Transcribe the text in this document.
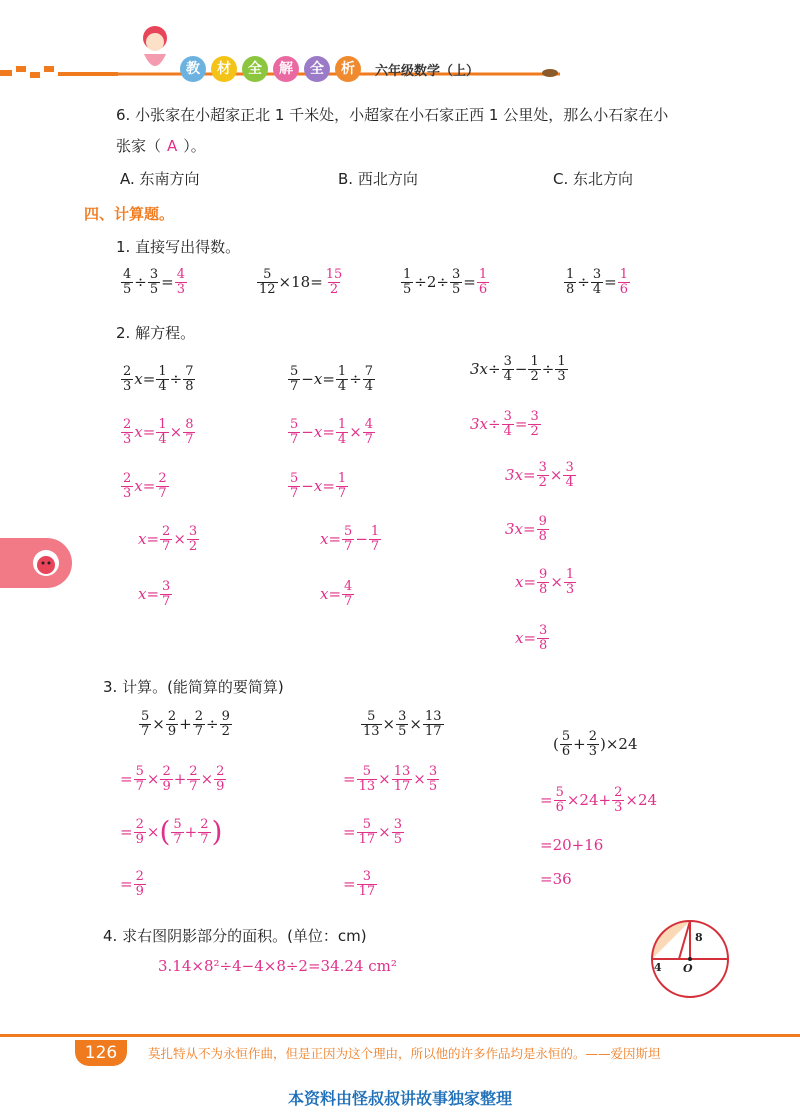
教	材	全	解	全	析	六年级数学（上）
6. 小张家在小超家正北 1 千米处，小超家在小石家正西 1 公里处，那么小石家在小
张家（ A ）。
A. 东南方向	B. 西北方向	C. 东北方向
四、计算题。
1. 直接写出得数。
$\frac{4}{5} \div \frac{3}{5} = \frac{4}{3}$	$\frac{5}{12} \times 18= \frac{15}{2}$	$\frac{1}{5} \div 2\div \frac{3}{5} = \frac{1}{6}$	$\frac{1}{8} \div \frac{3}{4} = \frac{1}{6}$
2. 解方程。
$\frac{2}{3}$ $x = \frac{1}{4} \div \frac{7}{8}$
$\frac{2}{3}$ $x = \frac{1}{4} \times \frac{8}{7}$
$\frac{2}{3}$ $x = \frac{2}{7}$
$x = \frac{2}{7} \times \frac{3}{2}$
$x = \frac{3}{7}$
$\frac{5}{7} - x = \frac{1}{4} \div \frac{7}{4}$
$\frac{5}{7} - x = \frac{1}{4} \times \frac{4}{7}$
$\frac{5}{7} - x = \frac{1}{7}$
$x = \frac{5}{7} - \frac{1}{7}$
$x = \frac{4}{7}$
$3x \div \frac{3}{4} - \frac{1}{2} \div \frac{1}{3}$
$3x \div \frac{3}{4} = \frac{3}{2}$
$3x = \frac{3}{2} \times \frac{3}{4}$
$3x = \frac{9}{8}$
$x = \frac{9}{8} \times \frac{1}{3}$
$x = \frac{3}{8}$
3. 计算。(能简算的要简算)
$\frac{5}{7} \times \frac{2}{9} + \frac{2}{7} \div \frac{9}{2}$
= $\frac{5}{7} \times \frac{2}{9} + \frac{2}{7} \times \frac{2}{9}$
= $\frac{2}{9}$ × ( $\frac{5}{7} + \frac{2}{7}$ )
= $\frac{2}{9}$
$\frac{5}{13} \times \frac{3}{5} \times \frac{13}{17}$
= $\frac{5}{13} \times \frac{13}{17} \times \frac{3}{5}$
= $\frac{5}{17} \times \frac{3}{5}$
= $\frac{3}{17}$
( $\frac{5}{6} + \frac{2}{3}$ ) ×24
= $\frac{5}{6} \times 24+ \frac{2}{3} \times 24$
=20+16
=36
4. 求右图阴影部分的面积。(单位：cm)
3.14×8²÷4−4×8÷2=34.24 cm²
8
4 O
126	莫扎特从不为永恒作曲，但是正因为这个理由，所以他的许多作品均是永恒的。——爱因斯坦
本资料由怪叔叔讲故事独家整理
